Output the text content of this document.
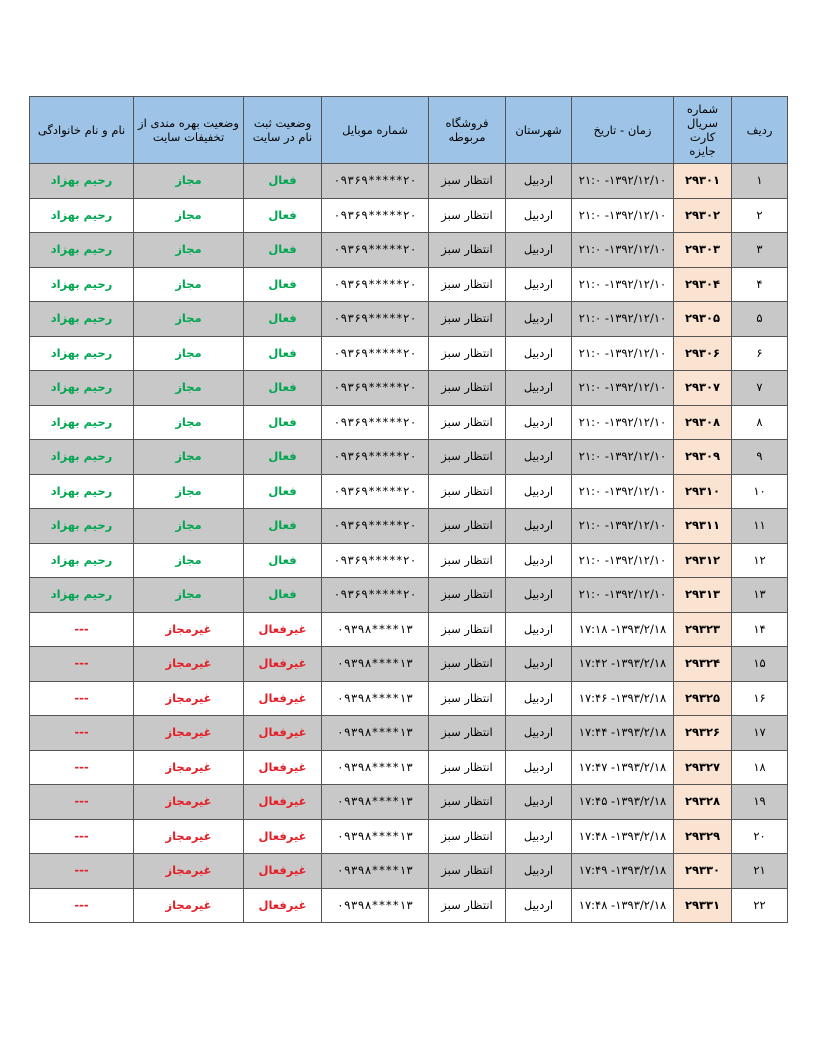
ردیف	شماره سریال کارت جایزه	زمان - تاریخ	شهرستان	فروشگاه مربوطه	شماره موبایل	وضعیت ثبت نام در سایت	وضعیت بهره مندی از تخفیفات سایت	نام و نام خانوادگی
۱	۲۹۳۰۱	۱۳۹۲/۱۲/۱۰- ۲۱:۰	اردبیل	انتظار سبز	۰۹۳۶۹*****۲۰	فعال	مجاز	رحیم بهزاد
۲	۲۹۳۰۲	۱۳۹۲/۱۲/۱۰- ۲۱:۰	اردبیل	انتظار سبز	۰۹۳۶۹*****۲۰	فعال	مجاز	رحیم بهزاد
۳	۲۹۳۰۳	۱۳۹۲/۱۲/۱۰- ۲۱:۰	اردبیل	انتظار سبز	۰۹۳۶۹*****۲۰	فعال	مجاز	رحیم بهزاد
۴	۲۹۳۰۴	۱۳۹۲/۱۲/۱۰- ۲۱:۰	اردبیل	انتظار سبز	۰۹۳۶۹*****۲۰	فعال	مجاز	رحیم بهزاد
۵	۲۹۳۰۵	۱۳۹۲/۱۲/۱۰- ۲۱:۰	اردبیل	انتظار سبز	۰۹۳۶۹*****۲۰	فعال	مجاز	رحیم بهزاد
۶	۲۹۳۰۶	۱۳۹۲/۱۲/۱۰- ۲۱:۰	اردبیل	انتظار سبز	۰۹۳۶۹*****۲۰	فعال	مجاز	رحیم بهزاد
۷	۲۹۳۰۷	۱۳۹۲/۱۲/۱۰- ۲۱:۰	اردبیل	انتظار سبز	۰۹۳۶۹*****۲۰	فعال	مجاز	رحیم بهزاد
۸	۲۹۳۰۸	۱۳۹۲/۱۲/۱۰- ۲۱:۰	اردبیل	انتظار سبز	۰۹۳۶۹*****۲۰	فعال	مجاز	رحیم بهزاد
۹	۲۹۳۰۹	۱۳۹۲/۱۲/۱۰- ۲۱:۰	اردبیل	انتظار سبز	۰۹۳۶۹*****۲۰	فعال	مجاز	رحیم بهزاد
۱۰	۲۹۳۱۰	۱۳۹۲/۱۲/۱۰- ۲۱:۰	اردبیل	انتظار سبز	۰۹۳۶۹*****۲۰	فعال	مجاز	رحیم بهزاد
۱۱	۲۹۳۱۱	۱۳۹۲/۱۲/۱۰- ۲۱:۰	اردبیل	انتظار سبز	۰۹۳۶۹*****۲۰	فعال	مجاز	رحیم بهزاد
۱۲	۲۹۳۱۲	۱۳۹۲/۱۲/۱۰- ۲۱:۰	اردبیل	انتظار سبز	۰۹۳۶۹*****۲۰	فعال	مجاز	رحیم بهزاد
۱۳	۲۹۳۱۳	۱۳۹۲/۱۲/۱۰- ۲۱:۰	اردبیل	انتظار سبز	۰۹۳۶۹*****۲۰	فعال	مجاز	رحیم بهزاد
۱۴	۲۹۳۲۳	۱۳۹۳/۲/۱۸- ۱۷:۱۸	اردبیل	انتظار سبز	۰۹۳۹۸****۱۳	غیرفعال	غیرمجاز	---
۱۵	۲۹۳۲۴	۱۳۹۳/۲/۱۸- ۱۷:۴۲	اردبیل	انتظار سبز	۰۹۳۹۸****۱۳	غیرفعال	غیرمجاز	---
۱۶	۲۹۳۲۵	۱۳۹۳/۲/۱۸- ۱۷:۴۶	اردبیل	انتظار سبز	۰۹۳۹۸****۱۳	غیرفعال	غیرمجاز	---
۱۷	۲۹۳۲۶	۱۳۹۳/۲/۱۸- ۱۷:۴۴	اردبیل	انتظار سبز	۰۹۳۹۸****۱۳	غیرفعال	غیرمجاز	---
۱۸	۲۹۳۲۷	۱۳۹۳/۲/۱۸- ۱۷:۴۷	اردبیل	انتظار سبز	۰۹۳۹۸****۱۳	غیرفعال	غیرمجاز	---
۱۹	۲۹۳۲۸	۱۳۹۳/۲/۱۸- ۱۷:۴۵	اردبیل	انتظار سبز	۰۹۳۹۸****۱۳	غیرفعال	غیرمجاز	---
۲۰	۲۹۳۲۹	۱۳۹۳/۲/۱۸- ۱۷:۴۸	اردبیل	انتظار سبز	۰۹۳۹۸****۱۳	غیرفعال	غیرمجاز	---
۲۱	۲۹۳۳۰	۱۳۹۳/۲/۱۸- ۱۷:۴۹	اردبیل	انتظار سبز	۰۹۳۹۸****۱۳	غیرفعال	غیرمجاز	---
۲۲	۲۹۳۳۱	۱۳۹۳/۲/۱۸- ۱۷:۴۸	اردبیل	انتظار سبز	۰۹۳۹۸****۱۳	غیرفعال	غیرمجاز	---
